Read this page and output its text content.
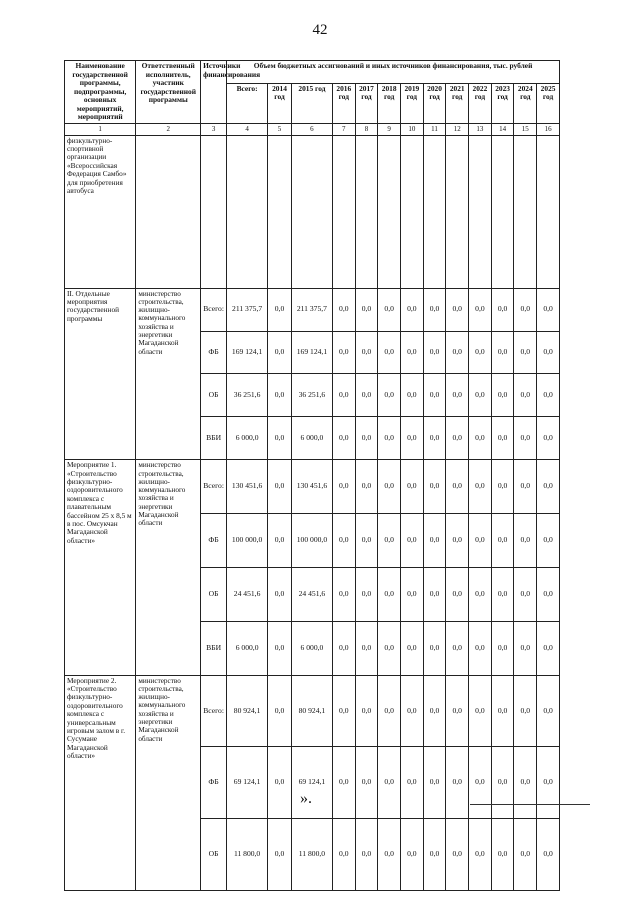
42
Наименование государственной программы, подпрограммы, основных мероприятий, мероприятий	Ответственный исполнитель, участник государственной программы	Источники финансирования	Объем бюджетных ассигнований и иных источников финансирования, тыс. рублей												
			Всего:	2014 год	2015 год	2016 год	2017 год	2018 год	2019 год	2020 год	2021 год	2022 год	2023 год	2024 год	2025 год
1	2	3	4	5	6	7	8	9	10	11	12	13	14	15	16
физкультурно-спортивной организации «Всероссийская Федерация Самбо» для приобретения автобуса															
II. Отдельные мероприятия государственной программы	министерство строительства, жилищно-коммунального хозяйства и энергетики Магаданской области	Всего:	211 375,7	0,0	211 375,7	0,0	0,0	0,0	0,0	0,0	0,0	0,0	0,0	0,0	0,0
		ФБ	169 124,1	0,0	169 124,1	0,0	0,0	0,0	0,0	0,0	0,0	0,0	0,0	0,0	0,0
		ОБ	36 251,6	0,0	36 251,6	0,0	0,0	0,0	0,0	0,0	0,0	0,0	0,0	0,0	0,0
		ВБИ	6 000,0	0,0	6 000,0	0,0	0,0	0,0	0,0	0,0	0,0	0,0	0,0	0,0	0,0
Мероприятие 1. «Строительство физкультурно-оздоровительного комплекса с плавательным бассейном 25 х 8,5 м в пос. Омсукчан Магаданской области»	министерство строительства, жилищно-коммунального хозяйства и энергетики Магаданской области	Всего:	130 451,6	0,0	130 451,6	0,0	0,0	0,0	0,0	0,0	0,0	0,0	0,0	0,0	0,0
		ФБ	100 000,0	0,0	100 000,0	0,0	0,0	0,0	0,0	0,0	0,0	0,0	0,0	0,0	0,0
		ОБ	24 451,6	0,0	24 451,6	0,0	0,0	0,0	0,0	0,0	0,0	0,0	0,0	0,0	0,0
		ВБИ	6 000,0	0,0	6 000,0	0,0	0,0	0,0	0,0	0,0	0,0	0,0	0,0	0,0	0,0
Мероприятие 2. «Строительство физкультурно-оздоровительного комплекса с универсальным игровым залом в г. Сусумане Магаданской области»	министерство строительства, жилищно-коммунального хозяйства и энергетики Магаданской области	Всего:	80 924,1	0,0	80 924,1	0,0	0,0	0,0	0,0	0,0	0,0	0,0	0,0	0,0	0,0
		ФБ	69 124,1	0,0	69 124,1	0,0	0,0	0,0	0,0	0,0	0,0	0,0	0,0	0,0	0,0
		ОБ	11 800,0	0,0	11 800,0	0,0	0,0	0,0	0,0	0,0	0,0	0,0	0,0	0,0	0,0
».
